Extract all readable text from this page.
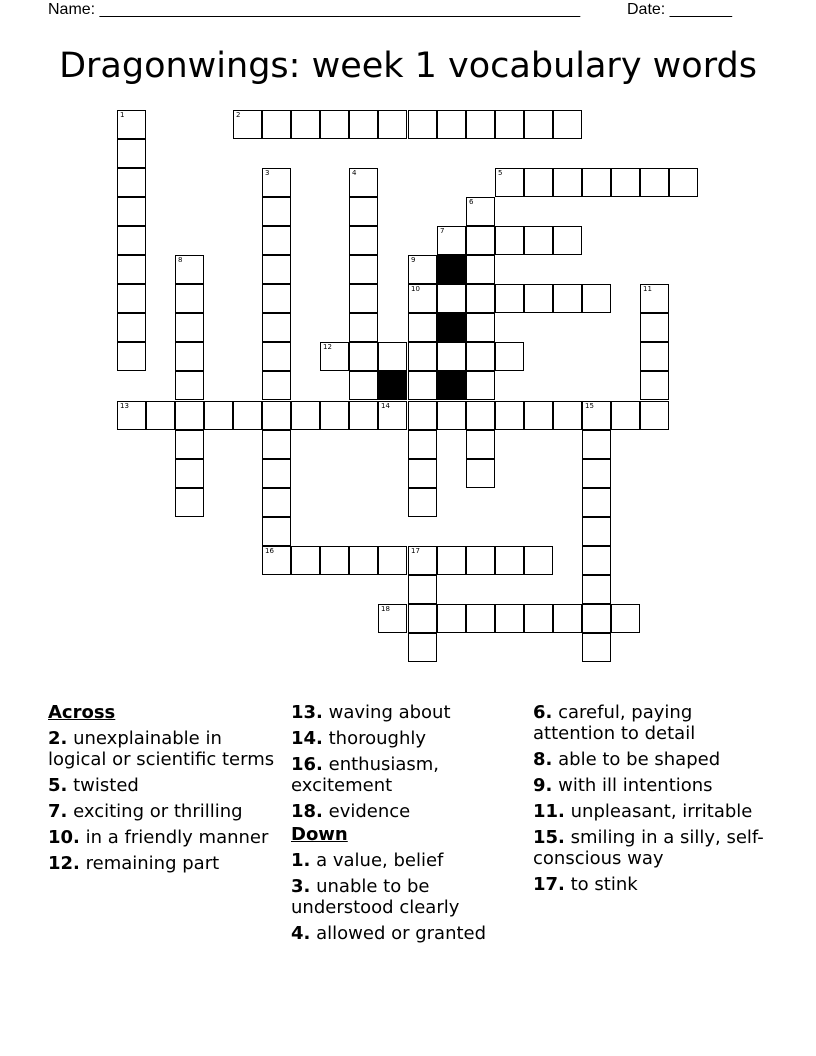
Name: ______________________________________________________	Date: _______
Dragonwings: week 1 vocabulary words
2
5
7
10
12
13	14	15
16	17
18
1
3	4
6
8	9
11
Across
2. unexplainable in logical or scientific terms
5. twisted
7. exciting or thrilling
10. in a friendly manner
12. remaining part
13. waving about
14. thoroughly
16. enthusiasm, excitement
18. evidence
Down
1. a value, belief
3. unable to be understood clearly
4. allowed or granted
6. careful, paying attention to detail
8. able to be shaped
9. with ill intentions
11. unpleasant, irritable
15. smiling in a silly, self-conscious way
17. to stink
